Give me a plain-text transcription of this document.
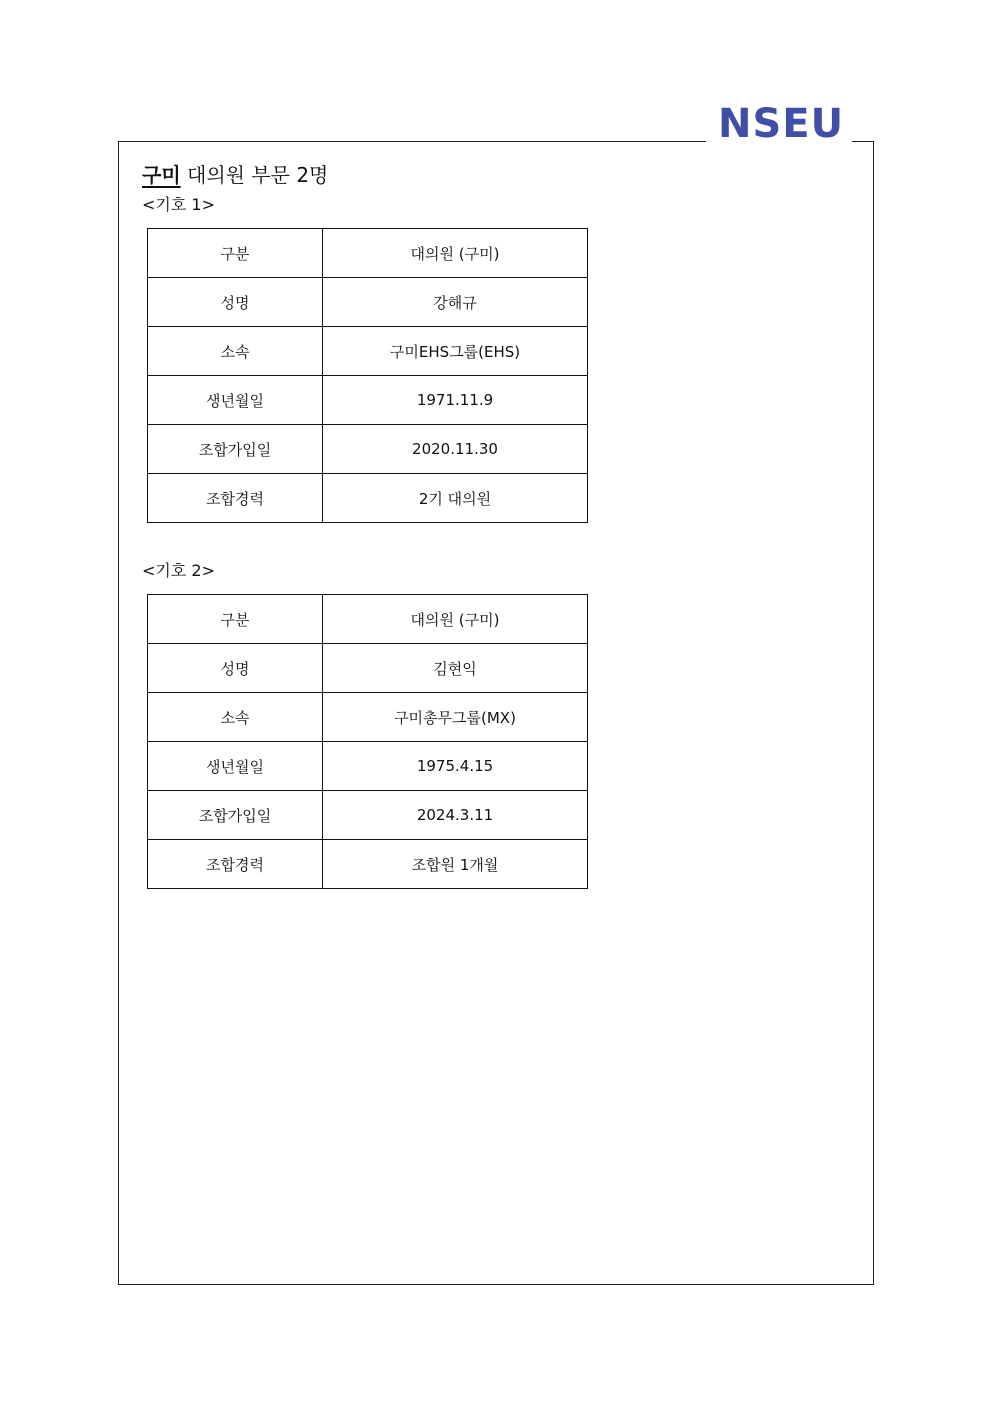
NSEU
구미 대의원 부문 2명
<기호 1>
구분	대의원 (구미)
성명	강해규
소속	구미EHS그룹(EHS)
생년월일	1971.11.9
조합가입일	2020.11.30
조합경력	2기 대의원
<기호 2>
구분	대의원 (구미)
성명	김현익
소속	구미총무그룹(MX)
생년월일	1975.4.15
조합가입일	2024.3.11
조합경력	조합원 1개월
